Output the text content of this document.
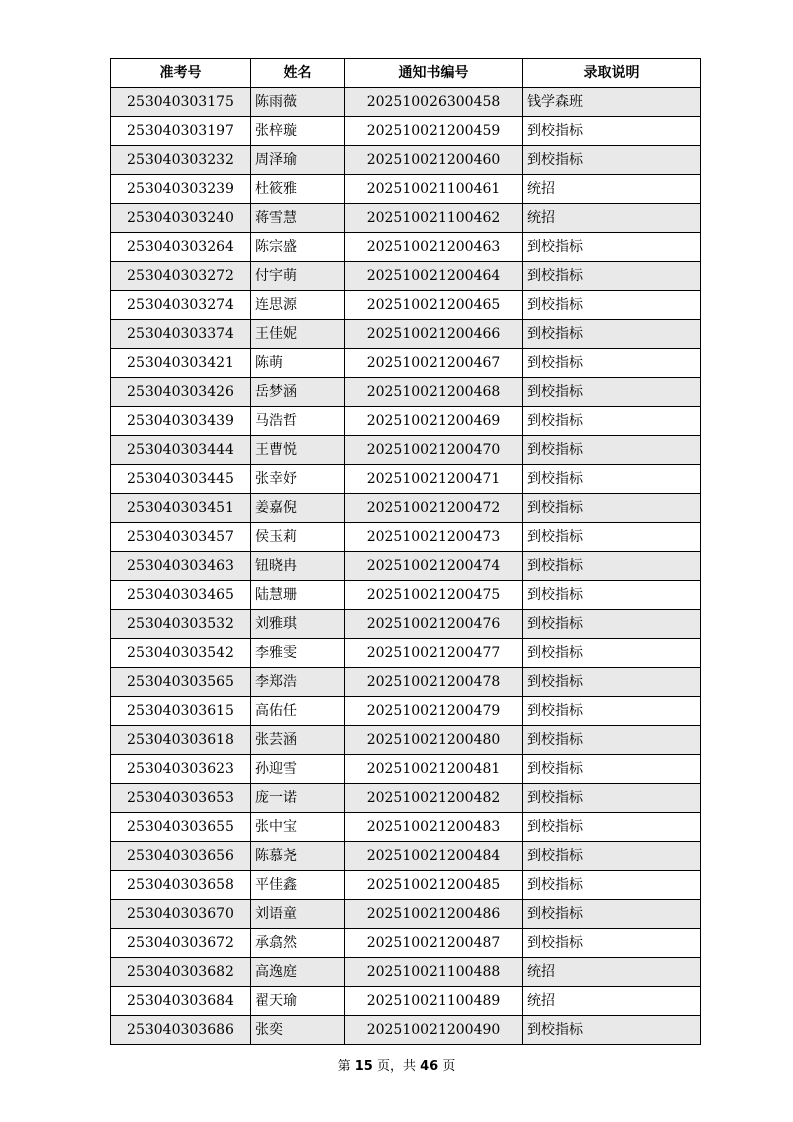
准考号	姓名	通知书编号	录取说明
253040303175	陈雨薇	202510026300458	钱学森班
253040303197	张梓璇	202510021200459	到校指标
253040303232	周泽瑜	202510021200460	到校指标
253040303239	杜筱雅	202510021100461	统招
253040303240	蒋雪慧	202510021100462	统招
253040303264	陈宗盛	202510021200463	到校指标
253040303272	付宇萌	202510021200464	到校指标
253040303274	连思源	202510021200465	到校指标
253040303374	王佳妮	202510021200466	到校指标
253040303421	陈萌	202510021200467	到校指标
253040303426	岳梦涵	202510021200468	到校指标
253040303439	马浩哲	202510021200469	到校指标
253040303444	王曹悦	202510021200470	到校指标
253040303445	张幸妤	202510021200471	到校指标
253040303451	姜嘉倪	202510021200472	到校指标
253040303457	侯玉莉	202510021200473	到校指标
253040303463	钮晓冉	202510021200474	到校指标
253040303465	陆慧珊	202510021200475	到校指标
253040303532	刘雅琪	202510021200476	到校指标
253040303542	李雅雯	202510021200477	到校指标
253040303565	李郑浩	202510021200478	到校指标
253040303615	高佑任	202510021200479	到校指标
253040303618	张芸涵	202510021200480	到校指标
253040303623	孙迎雪	202510021200481	到校指标
253040303653	庞一诺	202510021200482	到校指标
253040303655	张中宝	202510021200483	到校指标
253040303656	陈慕尧	202510021200484	到校指标
253040303658	平佳鑫	202510021200485	到校指标
253040303670	刘语童	202510021200486	到校指标
253040303672	承翕然	202510021200487	到校指标
253040303682	高逸庭	202510021100488	统招
253040303684	翟天瑜	202510021100489	统招
253040303686	张奕	202510021200490	到校指标
第 15 页，共 46 页
